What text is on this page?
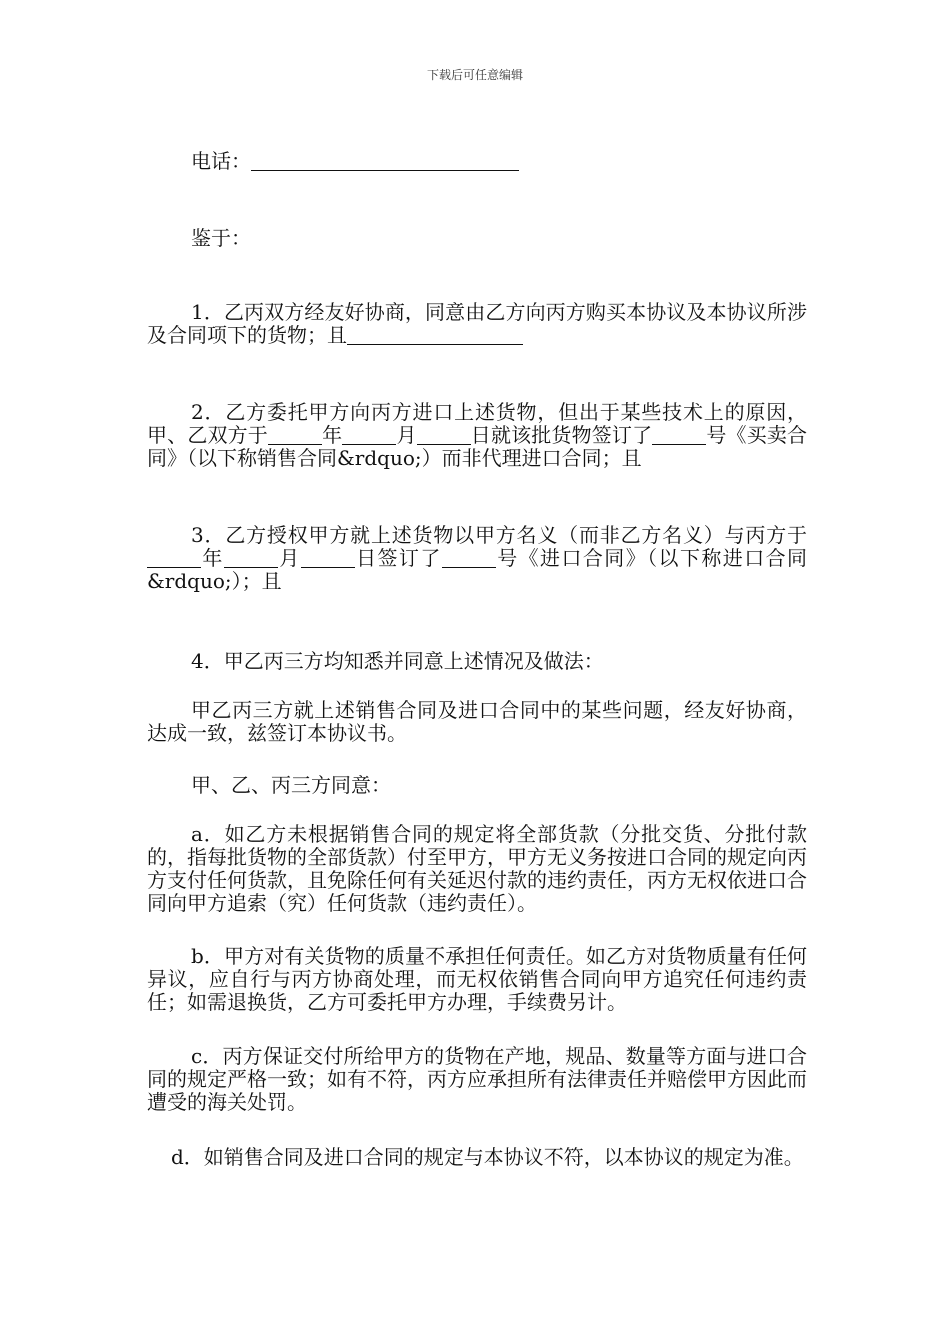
下载后可任意编辑

电话：

鉴于：

1．乙丙双方经友好协商，同意由乙方向丙方购买本协议及本协议所涉及合同项下的货物；且

2．乙方委托甲方向丙方进口上述货物，但出于某些技术上的原因，甲、乙双方于	年	月	日就该批货物签订了	号《买卖合同》（以下称销售合同&rdquo;）而非代理进口合同；且

3．乙方授权甲方就上述货物以甲方名义（而非乙方名义）与丙方于年	月	日签订了	号《进口合同》（以下称进口合同&rdquo;）；且

4．甲乙丙三方均知悉并同意上述情况及做法：

甲乙丙三方就上述销售合同及进口合同中的某些问题，经友好协商，达成一致，兹签订本协议书。

甲、乙、丙三方同意：

a．如乙方未根据销售合同的规定将全部货款（分批交货、分批付款的，指每批货物的全部货款）付至甲方，甲方无义务按进口合同的规定向丙方支付任何货款，且免除任何有关延迟付款的违约责任，丙方无权依进口合同向甲方追索（究）任何货款（违约责任）。

b．甲方对有关货物的质量不承担任何责任。如乙方对货物质量有任何异议，应自行与丙方协商处理，而无权依销售合同向甲方追究任何违约责任；如需退换货，乙方可委托甲方办理，手续费另计。

c．丙方保证交付所给甲方的货物在产地，规品、数量等方面与进口合同的规定严格一致；如有不符，丙方应承担所有法律责任并赔偿甲方因此而遭受的海关处罚。

d．如销售合同及进口合同的规定与本协议不符，以本协议的规定为准。
